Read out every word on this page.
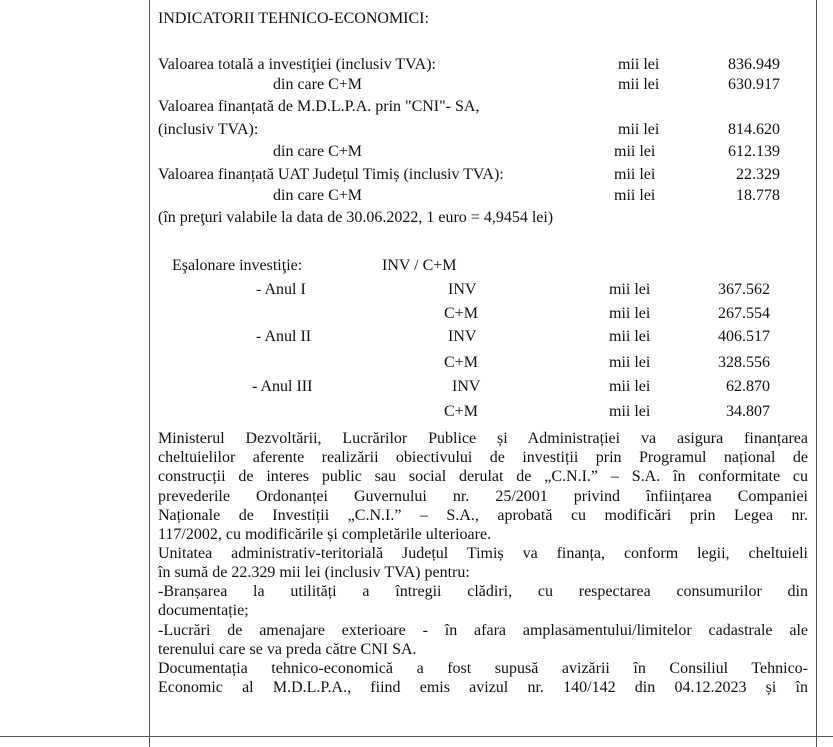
INDICATORII TEHNICO-ECONOMICI:
Valoarea totală a investiţiei (inclusiv TVA):	mii lei	836.949
din care C+M	mii lei	630.917
Valoarea finanțată de M.D.L.P.A. prin "CNI"- SA,
(inclusiv TVA):	mii lei	814.620
din care C+M	mii lei	612.139
Valoarea finanțată UAT Județul Timiș (inclusiv TVA):	mii lei	22.329
din care C+M	mii lei	18.778
(în preţuri valabile la data de 30.06.2022, 1 euro = 4,9454 lei)
Eşalonare investiţie:	INV / C+M
- Anul I	INV	mii lei	367.562
C+M	mii lei	267.554
- Anul II	INV	mii lei	406.517
C+M	mii lei	328.556
- Anul III	INV	mii lei	62.870
C+M	mii lei	34.807
Ministerul Dezvoltării, Lucrărilor Publice și Administrației va asigura finanțarea
cheltuielilor aferente realizării obiectivului de investiții prin Programul național de
construcții de interes public sau social derulat de „C.N.I.” – S.A. în conformitate cu
prevederile Ordonanței Guvernului nr. 25/2001 privind înființarea Companiei
Naționale de Investiții „C.N.I.” – S.A., aprobată cu modificări prin Legea nr.
117/2002, cu modificările și completările ulterioare.
Unitatea administrativ-teritorială Județul Timiș va finanța, conform legii, cheltuieli
în sumă de 22.329 mii lei (inclusiv TVA) pentru:
-Branșarea la utilități a întregii clădiri, cu respectarea consumurilor din
documentație;
-Lucrări de amenajare exterioare - în afara amplasamentului/limitelor cadastrale ale
terenului care se va preda către CNI SA.
Documentația tehnico-economică a fost supusă avizării în Consiliul Tehnico-
Economic al M.D.L.P.A., fiind emis avizul nr. 140/142 din 04.12.2023 și în
